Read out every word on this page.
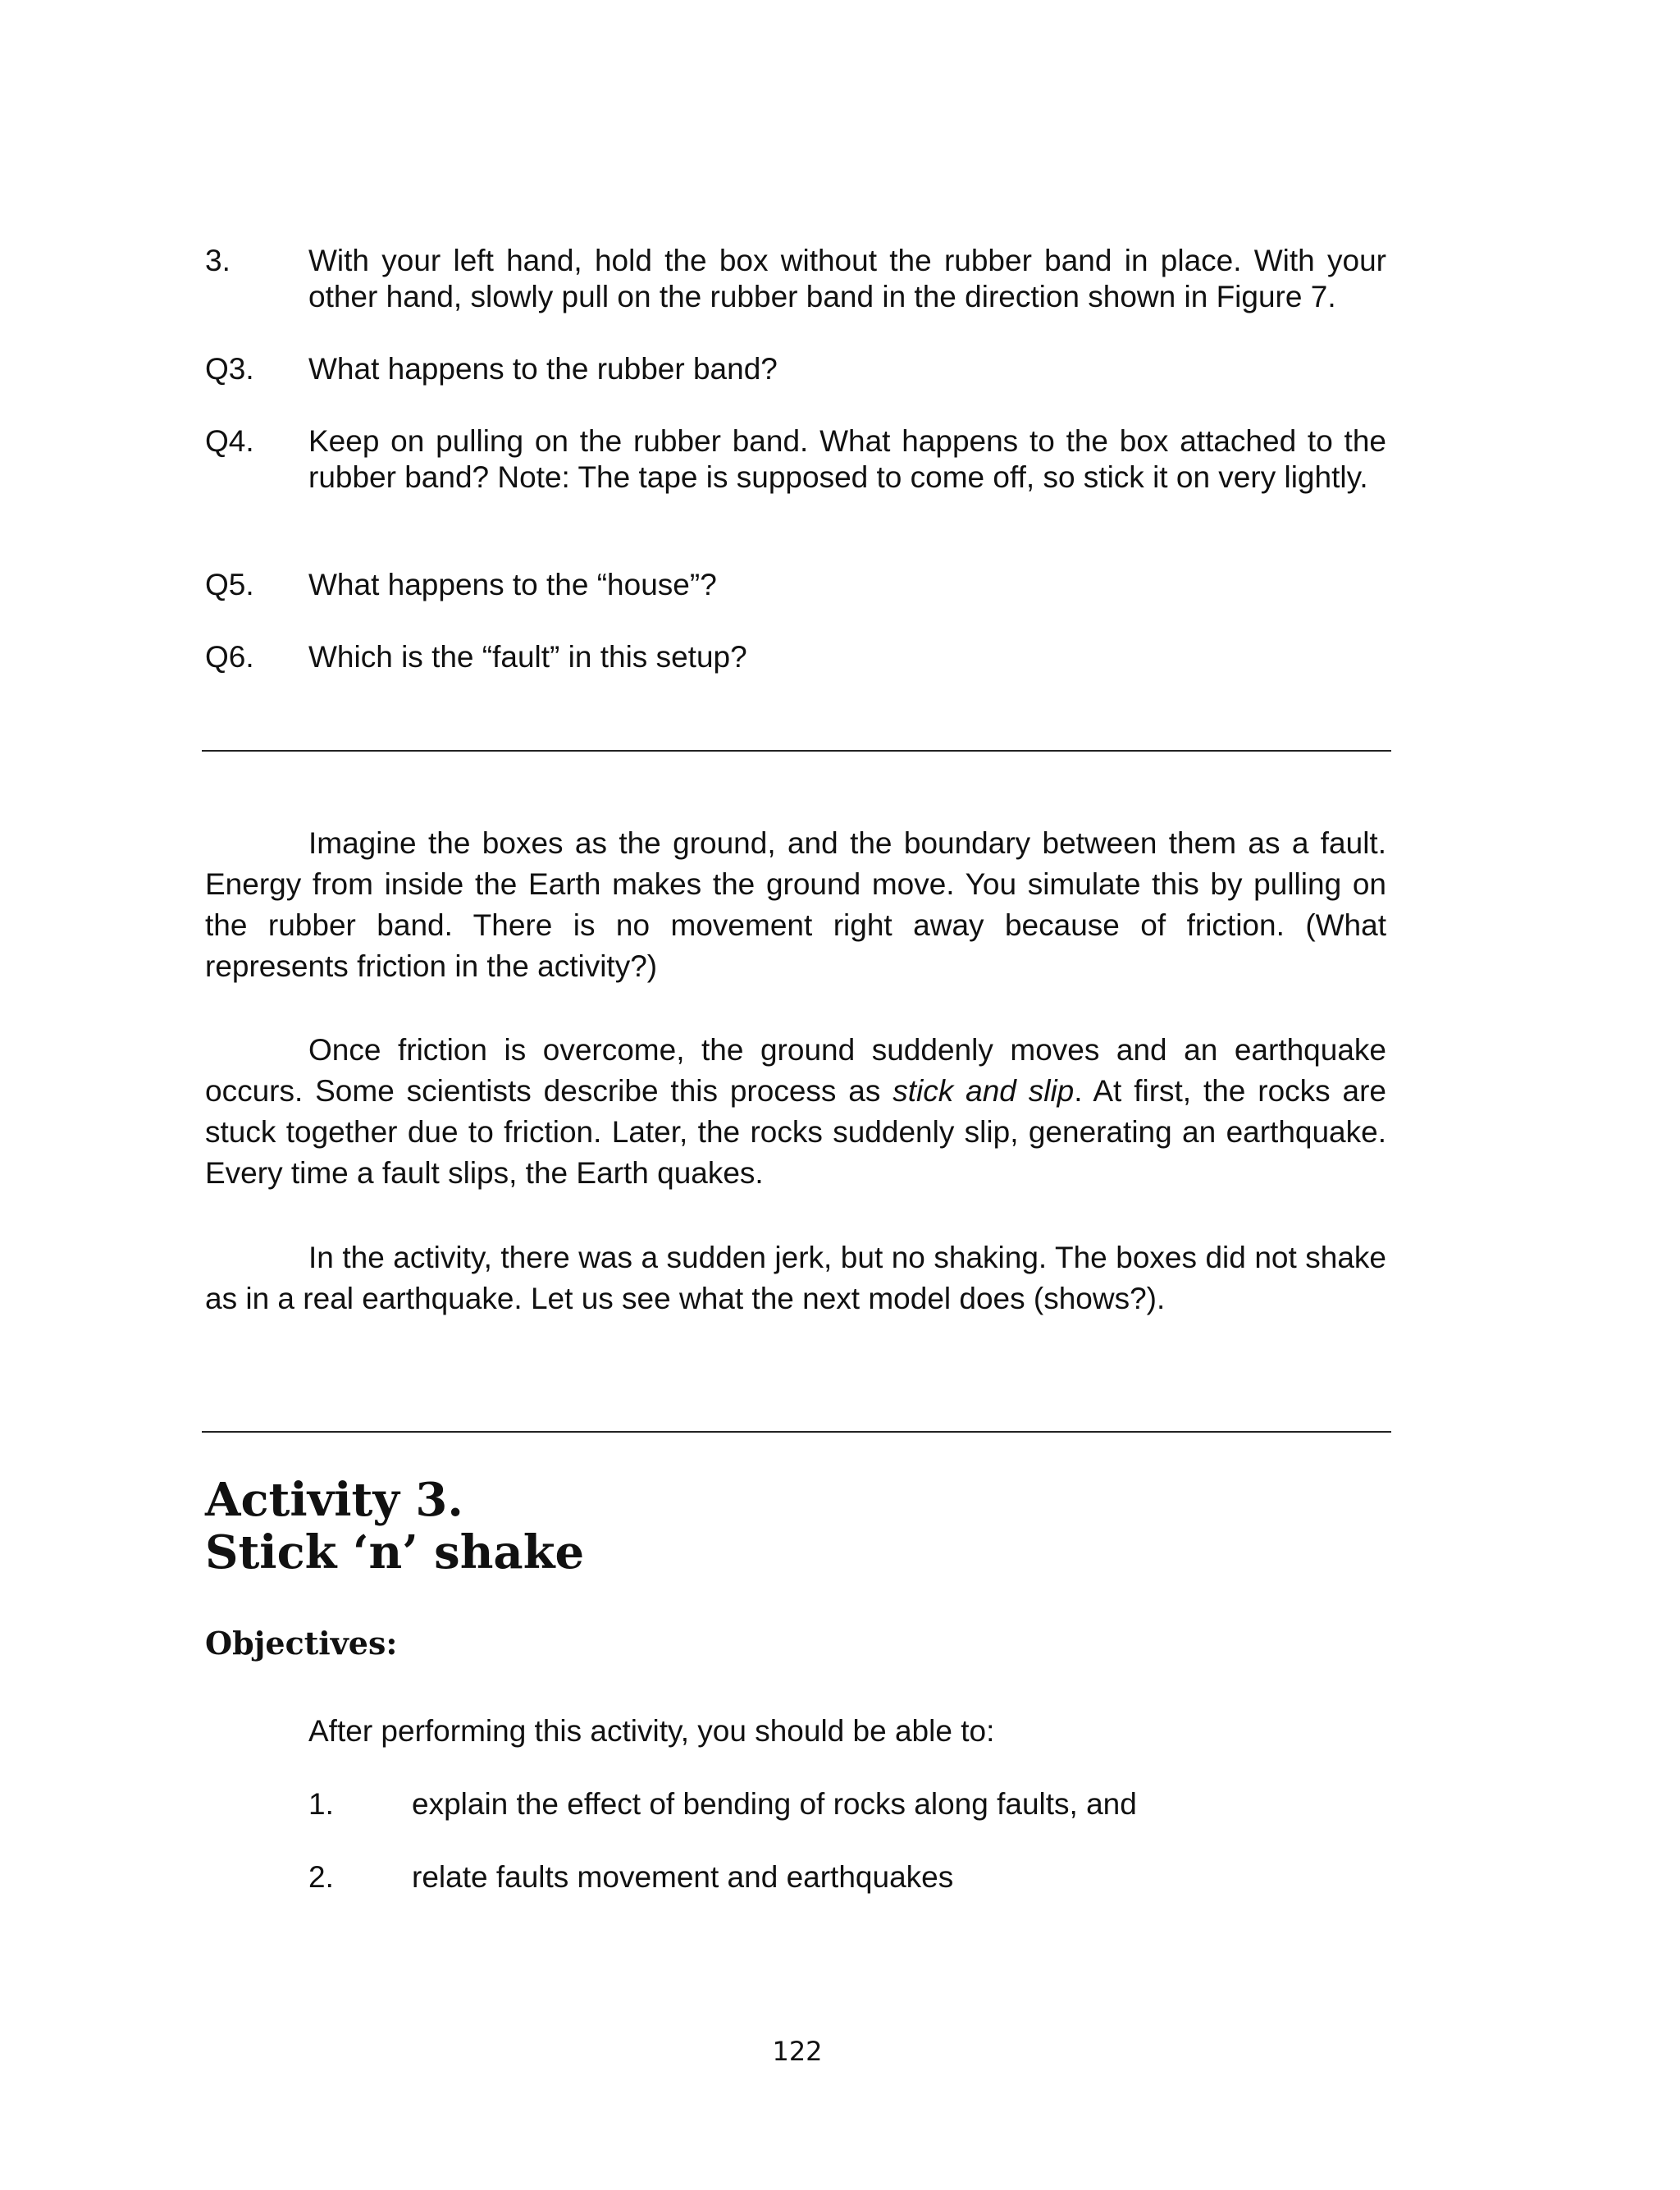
3.	With your left hand, hold the box without the rubber band in place. With your other hand, slowly pull on the rubber band in the direction shown in Figure 7.
Q3.	What happens to the rubber band?
Q4.	Keep on pulling on the rubber band. What happens to the box attached to the rubber band? Note: The tape is supposed to come off, so stick it on very lightly.
Q5.	What happens to the “house”?
Q6.	Which is the “fault” in this setup?
Imagine the boxes as the ground, and the boundary between them as a fault. Energy from inside the Earth makes the ground move. You simulate this by pulling on the rubber band. There is no movement right away because of friction. (What represents friction in the activity?)
Once friction is overcome, the ground suddenly moves and an earthquake occurs. Some scientists describe this process as stick and slip. At first, the rocks are stuck together due to friction. Later, the rocks suddenly slip, generating an earthquake. Every time a fault slips, the Earth quakes.
In the activity, there was a sudden jerk, but no shaking. The boxes did not shake as in a real earthquake. Let us see what the next model does (shows?).
Activity 3.
Stick ‘n’ shake
Objectives:
After performing this activity, you should be able to:
1.	explain the effect of bending of rocks along faults, and
2.	relate faults movement and earthquakes
122
